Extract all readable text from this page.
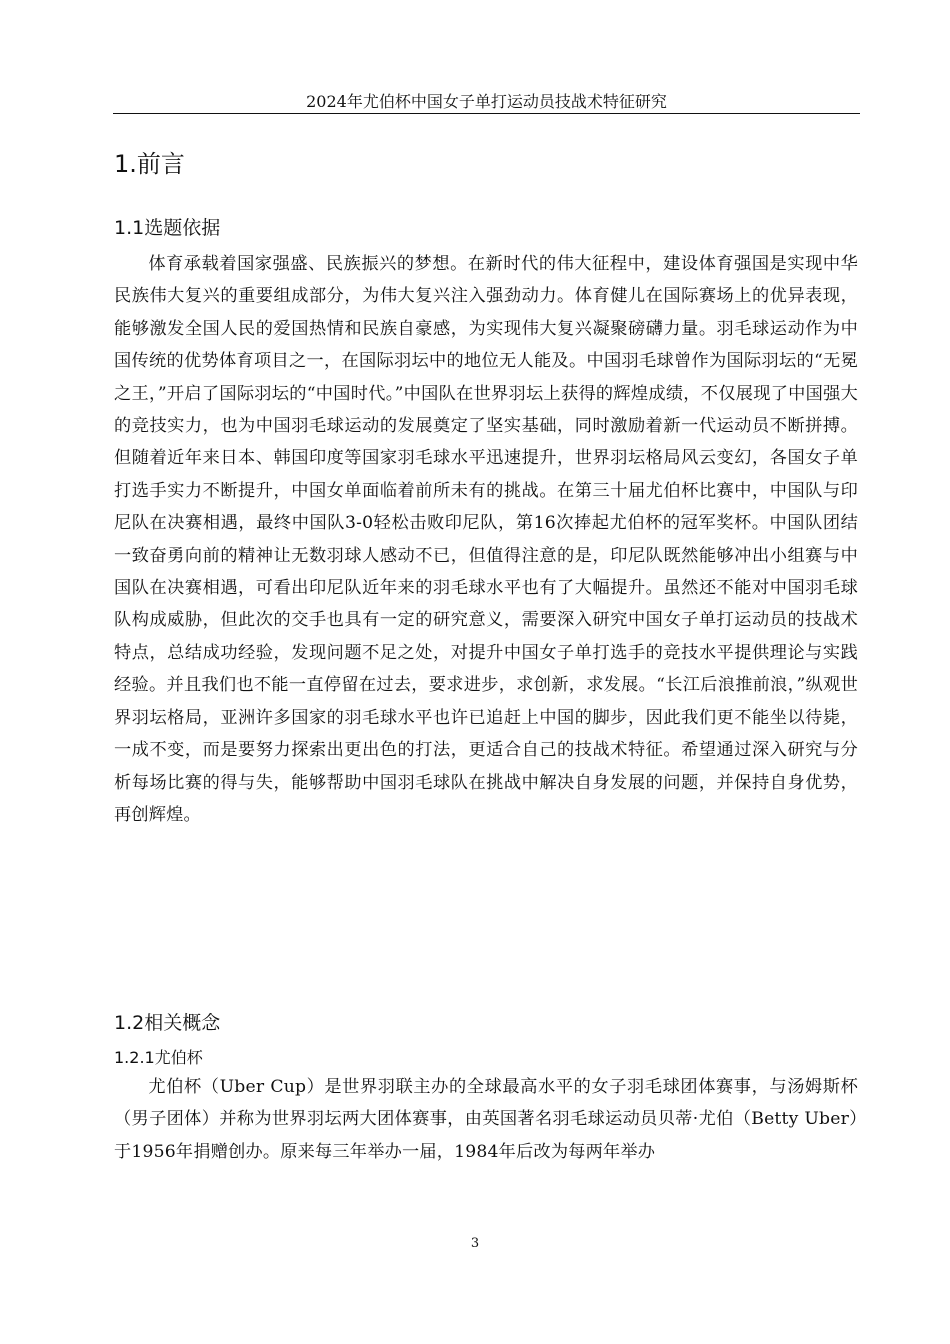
2024年尤伯杯中国女子单打运动员技战术特征研究
1.前言
1.1选题依据

体育承载着国家强盛、民族振兴的梦想。在新时代的伟大征程中，建设体育强国是实现中华民族伟大复兴的重要组成部分，为伟大复兴注入强劲动力。体育健儿在国际赛场上的优异表现，能够激发全国人民的爱国热情和民族自豪感，为实现伟大复兴凝聚磅礴力量。羽毛球运动作为中国传统的优势体育项目之一，在国际羽坛中的地位无人能及。中国羽毛球曾作为国际羽坛的“无冕之王，”开启了国际羽坛的“中国时代。”中国队在世界羽坛上获得的辉煌成绩，不仅展现了中国强大的竞技实力，也为中国羽毛球运动的发展奠定了坚实基础，同时激励着新一代运动员不断拼搏。但随着近年来日本、韩国印度等国家羽毛球水平迅速提升，世界羽坛格局风云变幻，各国女子单打选手实力不断提升，中国女单面临着前所未有的挑战。在第三十届尤伯杯比赛中，中国队与印尼队在决赛相遇，最终中国队3-0轻松击败印尼队，第16次捧起尤伯杯的冠军奖杯。中国队团结一致奋勇向前的精神让无数羽球人感动不已，但值得注意的是，印尼队既然能够冲出小组赛与中国队在决赛相遇，可看出印尼队近年来的羽毛球水平也有了大幅提升。虽然还不能对中国羽毛球队构成威胁，但此次的交手也具有一定的研究意义，需要深入研究中国女子单打运动员的技战术特点，总结成功经验，发现问题不足之处，对提升中国女子单打选手的竞技水平提供理论与实践经验。并且我们也不能一直停留在过去，要求进步，求创新，求发展。“长江后浪推前浪，”纵观世界羽坛格局，亚洲许多国家的羽毛球水平也许已追赶上中国的脚步，因此我们更不能坐以待毙，一成不变，而是要努力探索出更出色的打法，更适合自己的技战术特征。希望通过深入研究与分析每场比赛的得与失，能够帮助中国羽毛球队在挑战中解决自身发展的问题，并保持自身优势，再创辉煌。

1.2相关概念
1.2.1尤伯杯

尤伯杯（Uber Cup）是世界羽联主办的全球最高水平的女子羽毛球团体赛事，与汤姆斯杯（男子团体）并称为世界羽坛两大团体赛事，由英国著名羽毛球运动员贝蒂·尤伯（Betty Uber）于1956年捐赠创办。原来每三年举办一届，1984年后改为每两年举办

3
